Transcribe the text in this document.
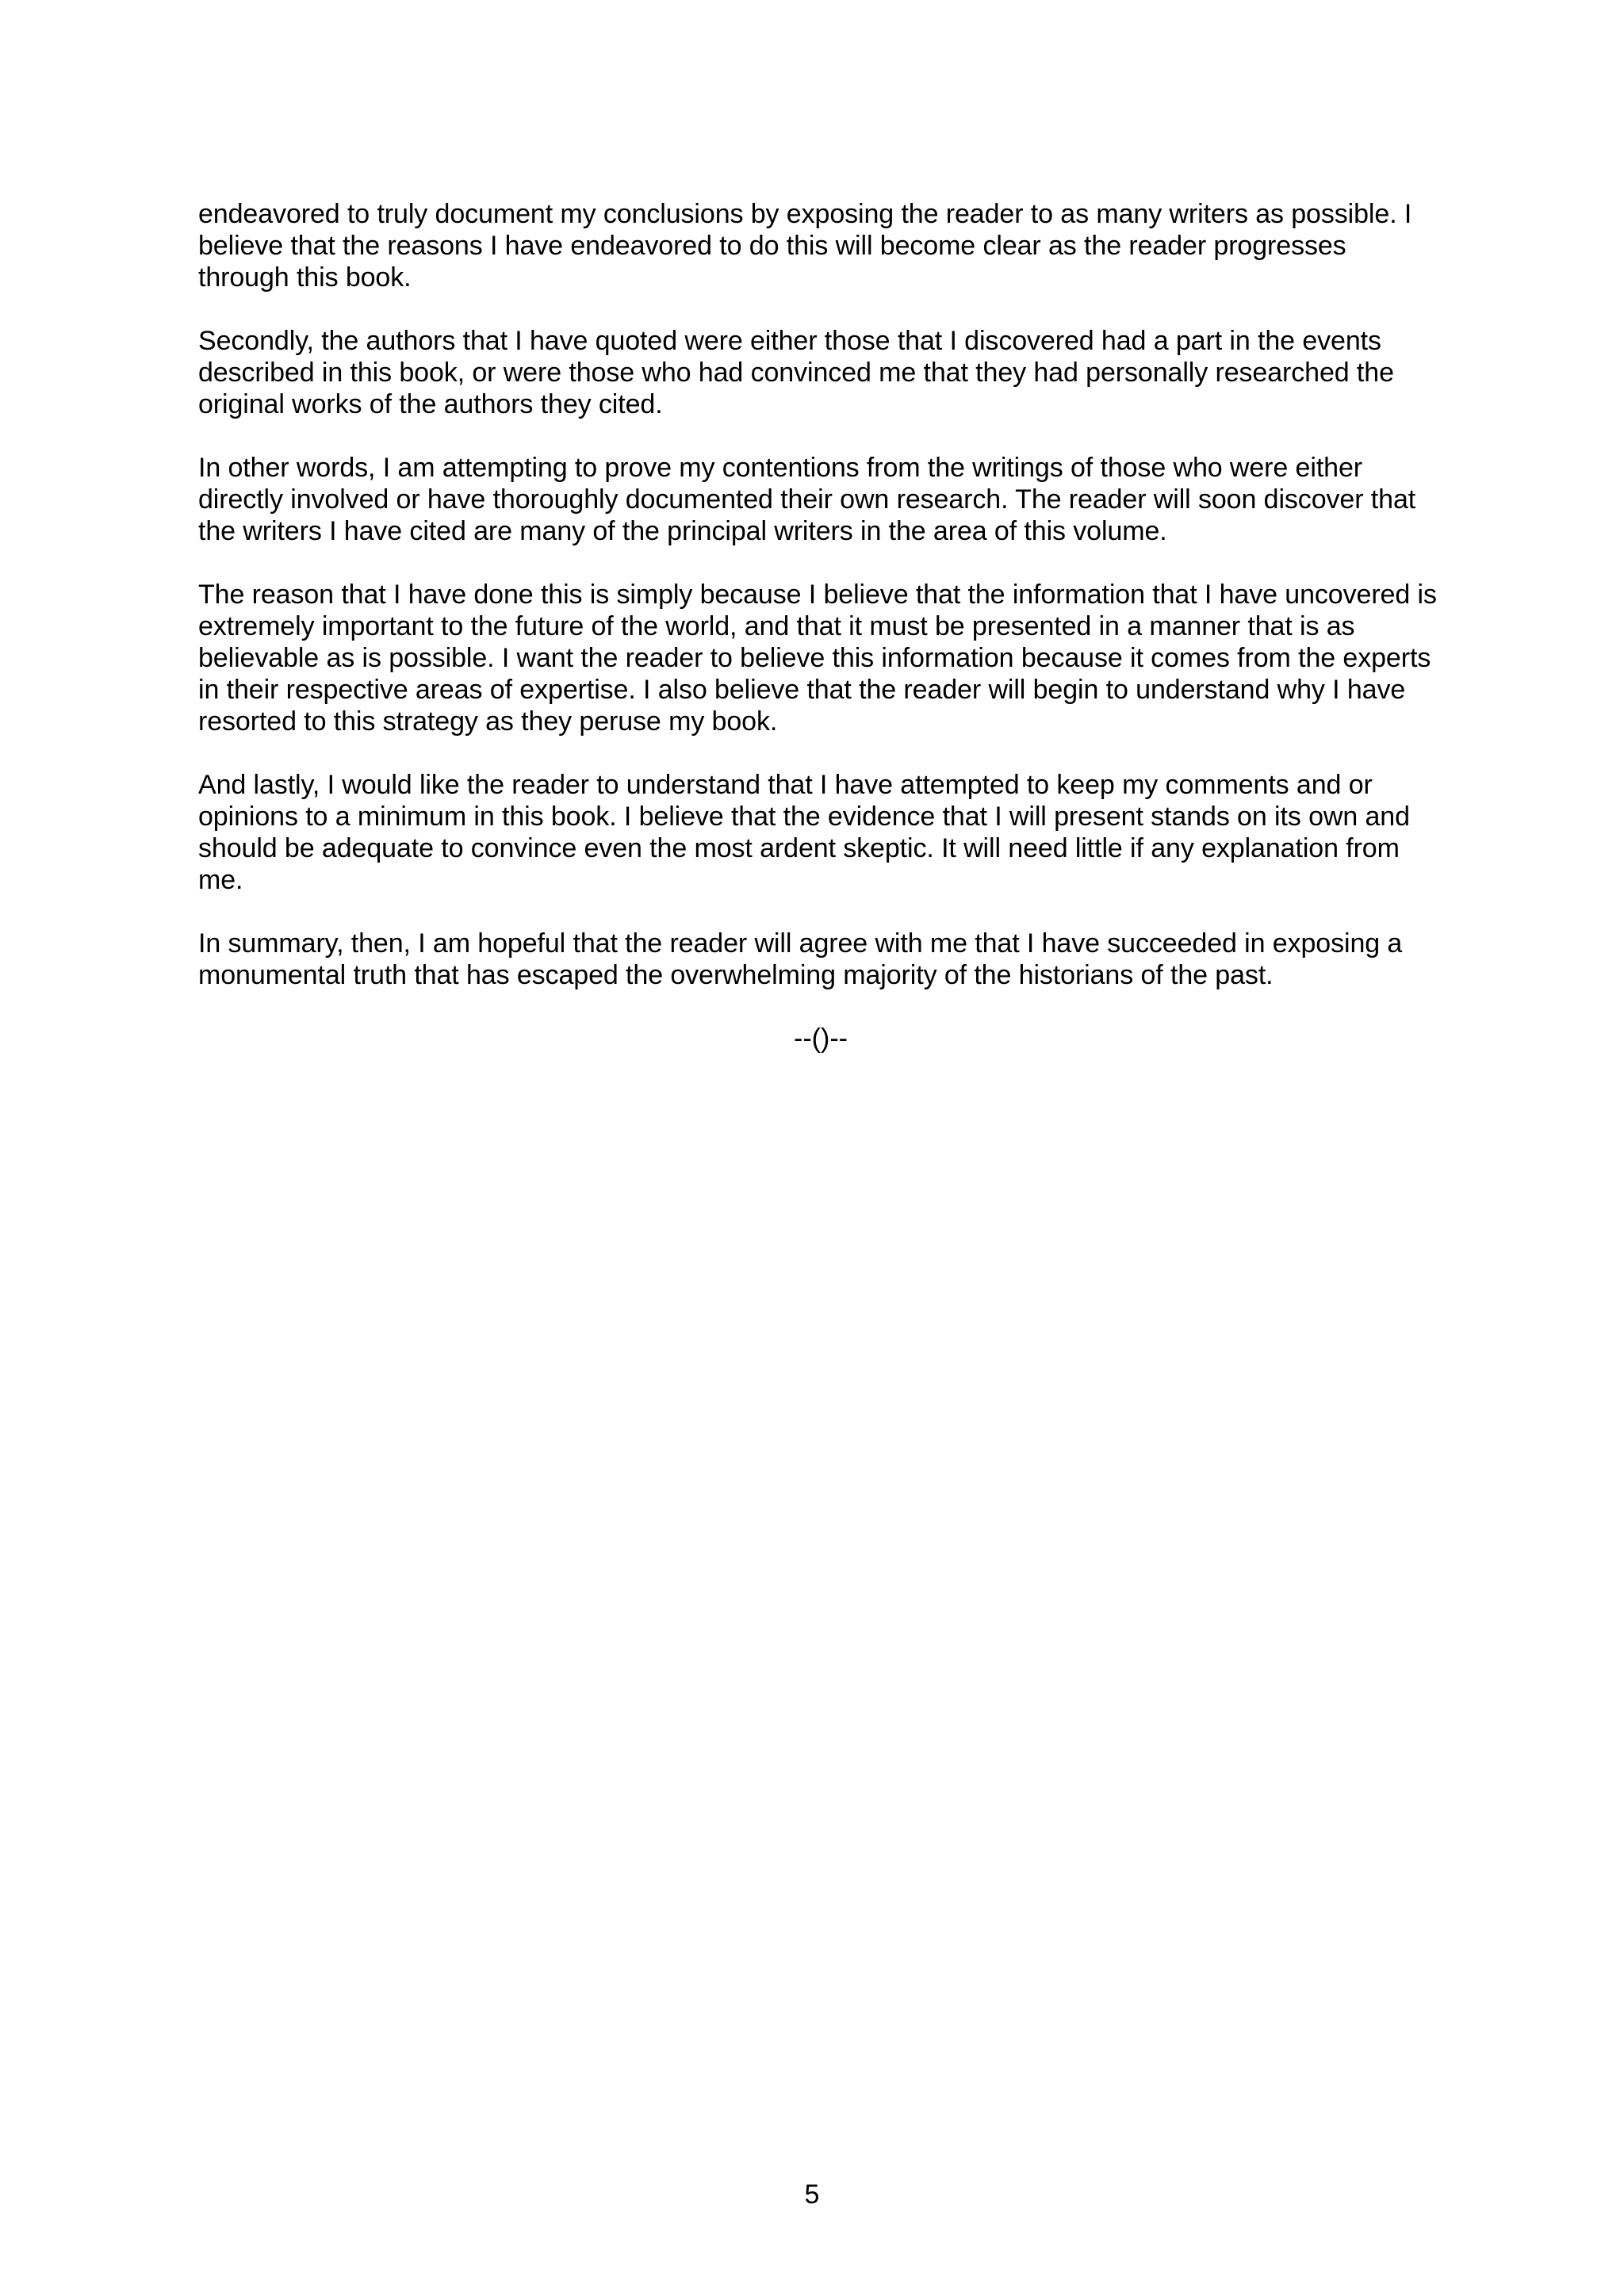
endeavored to truly document my conclusions by exposing the reader to as many writers as possible. I believe that the reasons I have endeavored to do this will become clear as the reader progresses through this book.

Secondly, the authors that I have quoted were either those that I discovered had a part in the events described in this book, or were those who had convinced me that they had personally researched the original works of the authors they cited.

In other words, I am attempting to prove my contentions from the writings of those who were either directly involved or have thoroughly documented their own research. The reader will soon discover that the writers I have cited are many of the principal writers in the area of this volume.

The reason that I have done this is simply because I believe that the information that I have uncovered is extremely important to the future of the world, and that it must be presented in a manner that is as believable as is possible. I want the reader to believe this information because it comes from the experts in their respective areas of expertise. I also believe that the reader will begin to understand why I have resorted to this strategy as they peruse my book.

And lastly, I would like the reader to understand that I have attempted to keep my comments and or opinions to a minimum in this book. I believe that the evidence that I will present stands on its own and should be adequate to convince even the most ardent skeptic. It will need little if any explanation from me.

In summary, then, I am hopeful that the reader will agree with me that I have succeeded in exposing a monumental truth that has escaped the overwhelming majority of the historians of the past.

--()--

5
